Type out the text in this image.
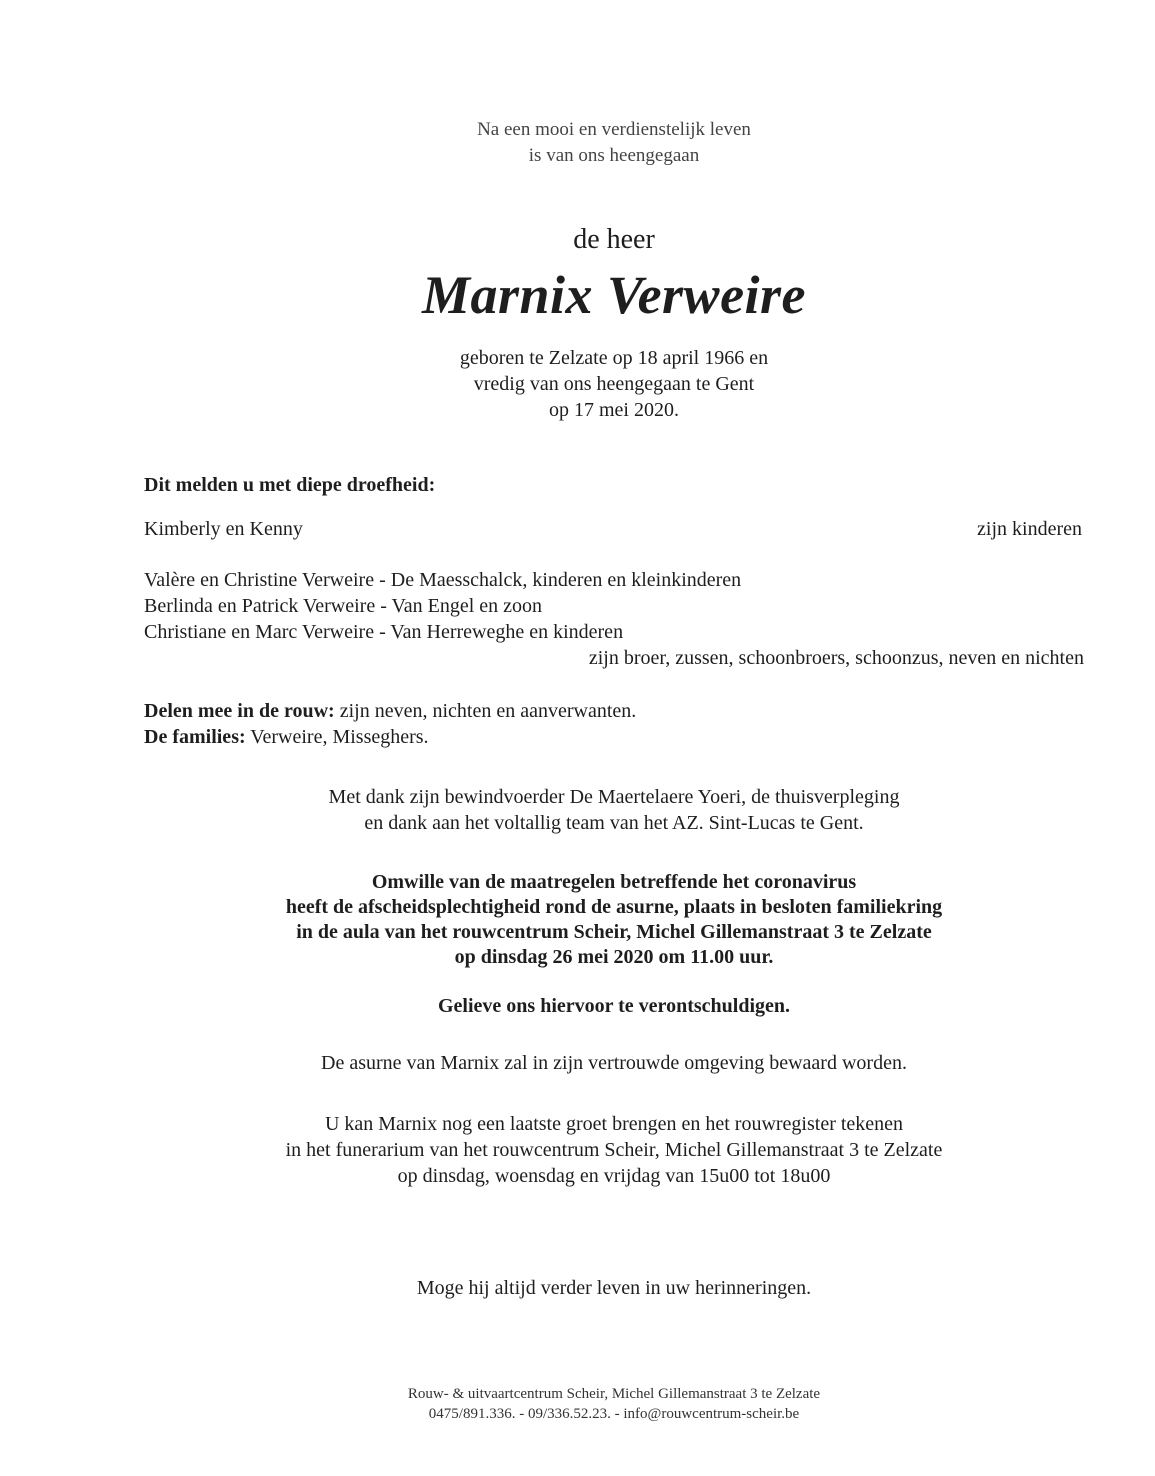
Na een mooi en verdienstelijk leven
is van ons heengegaan
de heer
Marnix Verweire
geboren te Zelzate op 18 april 1966 en
vredig van ons heengegaan te Gent
op 17 mei 2020.
Dit melden u met diepe droefheid:
Kimberly en Kenny	zijn kinderen
Valère en Christine Verweire - De Maesschalck, kinderen en kleinkinderen
Berlinda en Patrick Verweire - Van Engel en zoon
Christiane en Marc Verweire - Van Herreweghe en kinderen
zijn broer, zussen, schoonbroers, schoonzus, neven en nichten
Delen mee in de rouw: zijn neven, nichten en aanverwanten.
De families: Verweire, Misseghers.
Met dank zijn bewindvoerder De Maertelaere Yoeri, de thuisverpleging
en dank aan het voltallig team van het AZ. Sint-Lucas te Gent.
Omwille van de maatregelen betreffende het coronavirus
heeft de afscheidsplechtigheid rond de asurne, plaats in besloten familiekring
in de aula van het rouwcentrum Scheir, Michel Gillemanstraat 3 te Zelzate
op dinsdag 26 mei 2020 om 11.00 uur.
Gelieve ons hiervoor te verontschuldigen.
De asurne van Marnix zal in zijn vertrouwde omgeving bewaard worden.
U kan Marnix nog een laatste groet brengen en het rouwregister tekenen
in het funerarium van het rouwcentrum Scheir, Michel Gillemanstraat 3 te Zelzate
op dinsdag, woensdag en vrijdag van 15u00 tot 18u00
Moge hij altijd verder leven in uw herinneringen.
Rouw- & uitvaartcentrum Scheir, Michel Gillemanstraat 3 te Zelzate
0475/891.336. - 09/336.52.23. - info@rouwcentrum-scheir.be
